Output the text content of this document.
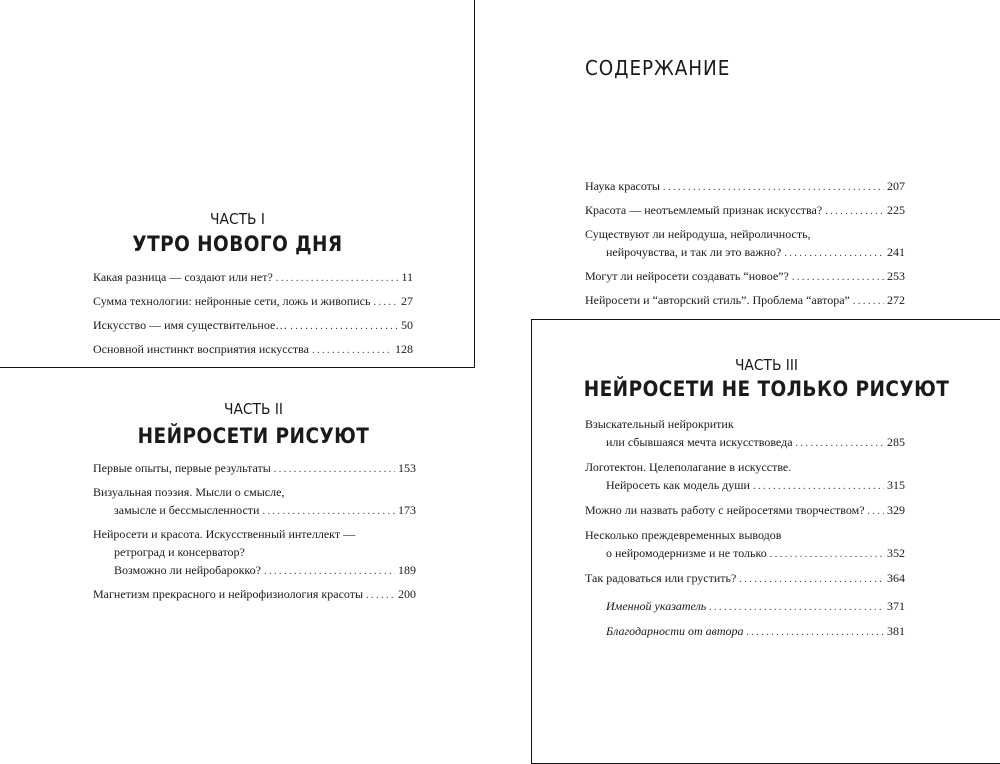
ЧАСТЬ I
УТРО НОВОГО ДНЯ
Какая разница — создают или нет? . . .	11
Сумма технологии: нейронные сети, ложь и живопись . . .	27
Искусство — имя существительное… . . .	50
Основной инстинкт восприятия искусства . . .	128
ЧАСТЬ II
НЕЙРОСЕТИ РИСУЮТ
Первые опыты, первые результаты . . .	153
Визуальная поэзия. Мысли о смысле,
замысле и бессмысленности . . .	173
Нейросети и красота. Искусственный интеллект —
ретроград и консерватор?
Возможно ли нейробарокко? . . .	189
Магнетизм прекрасного и нейрофизиология красоты . . .	200
СОДЕРЖАНИЕ
Наука красоты . . .	207
Красота — неотъемлемый признак искусства? . . .	225
Существуют ли нейродуша, нейроличность,
нейрочувства, и так ли это важно? . . .	241
Могут ли нейросети создавать “новое”? . . .	253
Нейросети и “авторский стиль”. Проблема “автора” . . .	272
ЧАСТЬ III
НЕЙРОСЕТИ НЕ ТОЛЬКО РИСУЮТ
Взыскательный нейрокритик
или сбывшаяся мечта искусствоведа . . .	285
Логотектон. Целеполагание в искусстве.
Нейросеть как модель души . . .	315
Можно ли назвать работу с нейросетями творчеством? . . . 329
Несколько преждевременных выводов
о нейромодернизме и не только . . .	352
Так радоваться или грустить? . . .	364
Именной указатель . . .	371
Благодарности от автора . . .	381
